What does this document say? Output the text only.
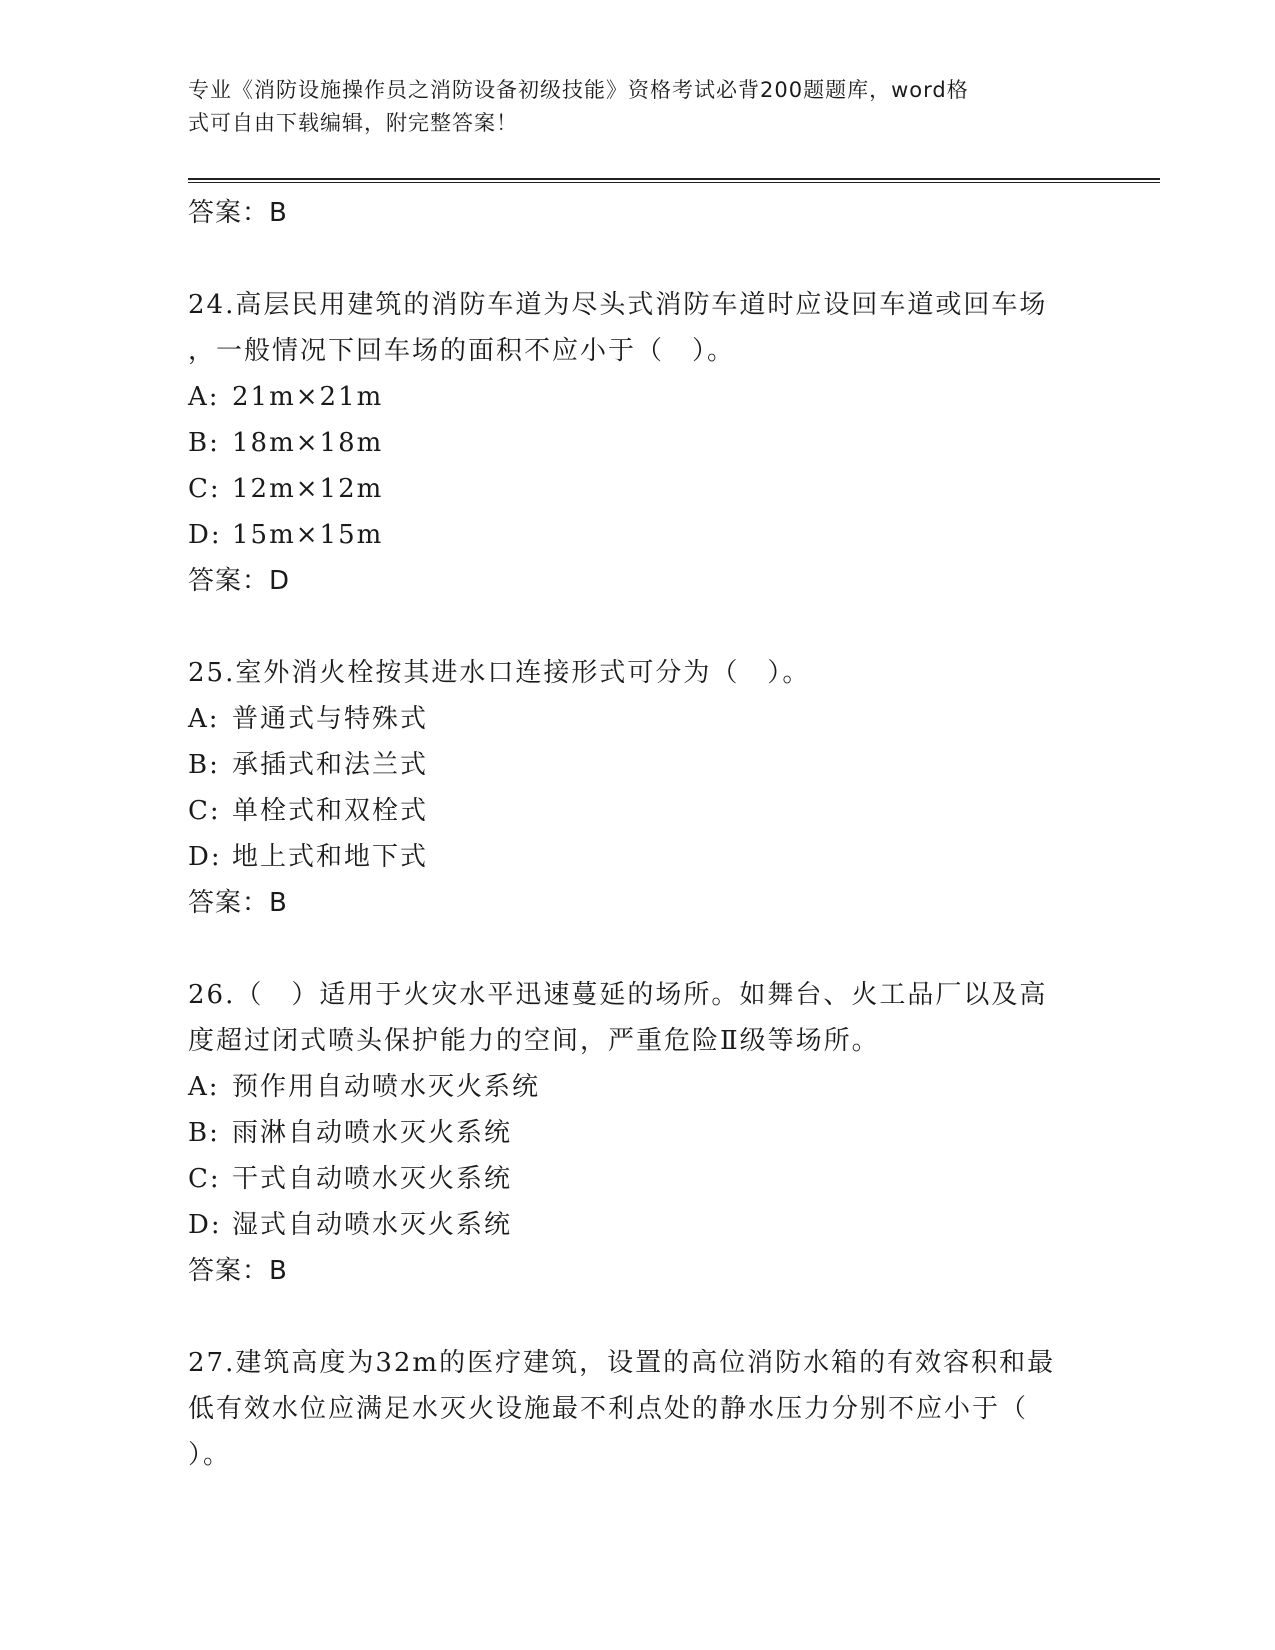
专业《消防设施操作员之消防设备初级技能》资格考试必背200题题库，word格
式可自由下载编辑，附完整答案！
答案：B
24.高层民用建筑的消防车道为尽头式消防车道时应设回车道或回车场
，一般情况下回车场的面积不应小于（　）。
A: 21m×21m
B: 18m×18m
C: 12m×12m
D: 15m×15m
答案：D
25.室外消火栓按其进水口连接形式可分为（　）。
A: 普通式与特殊式
B: 承插式和法兰式
C: 单栓式和双栓式
D: 地上式和地下式
答案：B
26.（　）适用于火灾水平迅速蔓延的场所。如舞台、火工品厂以及高
度超过闭式喷头保护能力的空间，严重危险Ⅱ级等场所。
A: 预作用自动喷水灭火系统
B: 雨淋自动喷水灭火系统
C: 干式自动喷水灭火系统
D: 湿式自动喷水灭火系统
答案：B
27.建筑高度为32m的医疗建筑，设置的高位消防水箱的有效容积和最
低有效水位应满足水灭火设施最不利点处的静水压力分别不应小于（
）。
